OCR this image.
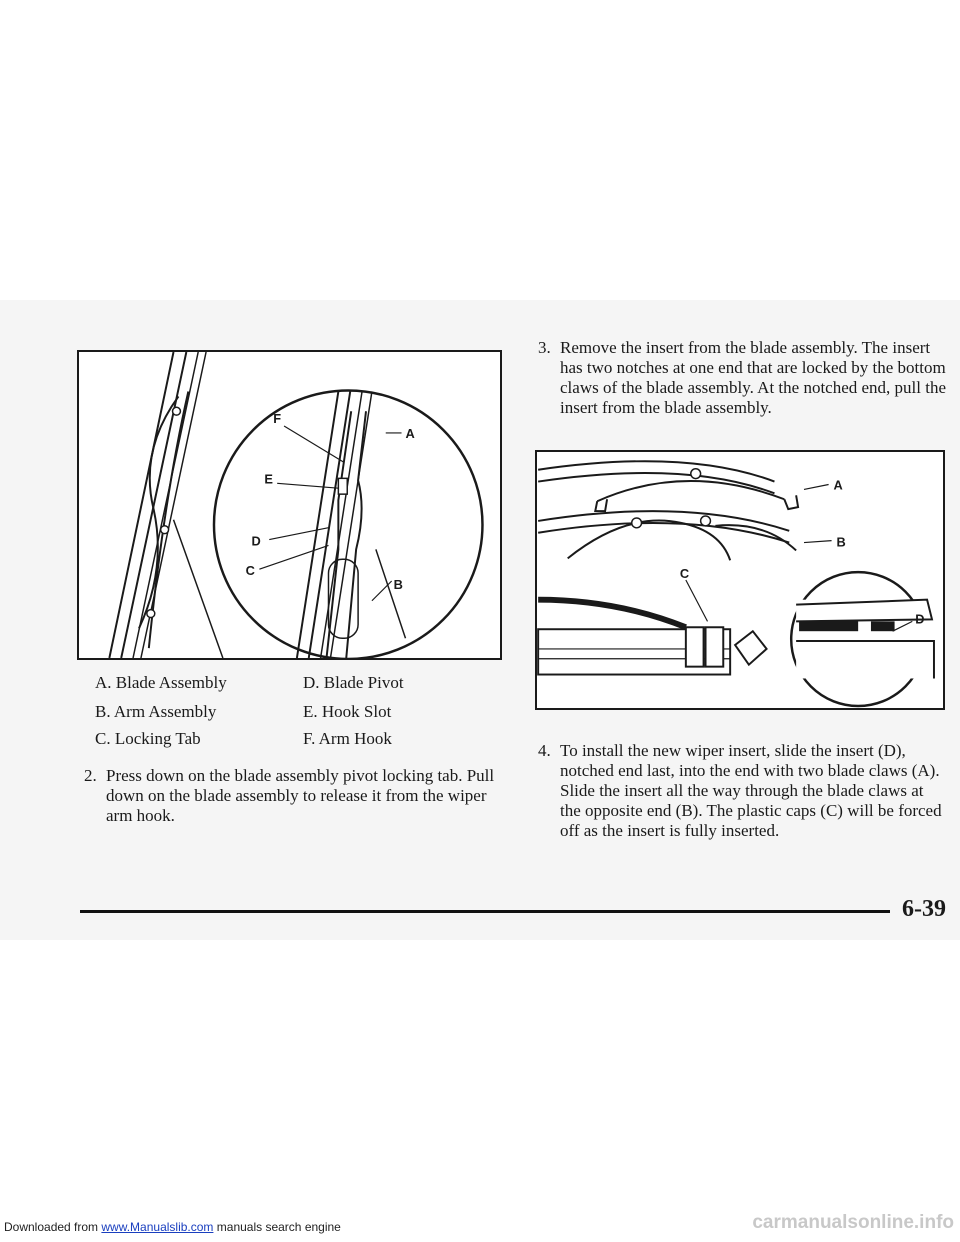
F
E
D
C
A
B
A. Blade Assembly
B. Arm Assembly
C. Locking Tab
D. Blade Pivot
E. Hook Slot
F. Arm Hook
2. Press down on the blade assembly pivot locking tab. Pull down on the blade assembly to release it from the wiper arm hook.
3. Remove the insert from the blade assembly. The insert has two notches at one end that are locked by the bottom claws of the blade assembly. At the notched end, pull the insert from the blade assembly.
A
B
C
D
4. To install the new wiper insert, slide the insert (D), notched end last, into the end with two blade claws (A). Slide the insert all the way through the blade claws at the opposite end (B). The plastic caps (C) will be forced off as the insert is fully inserted.
6-39
Downloaded from www.Manualslib.com manuals search engine	carmanualsonline.info
